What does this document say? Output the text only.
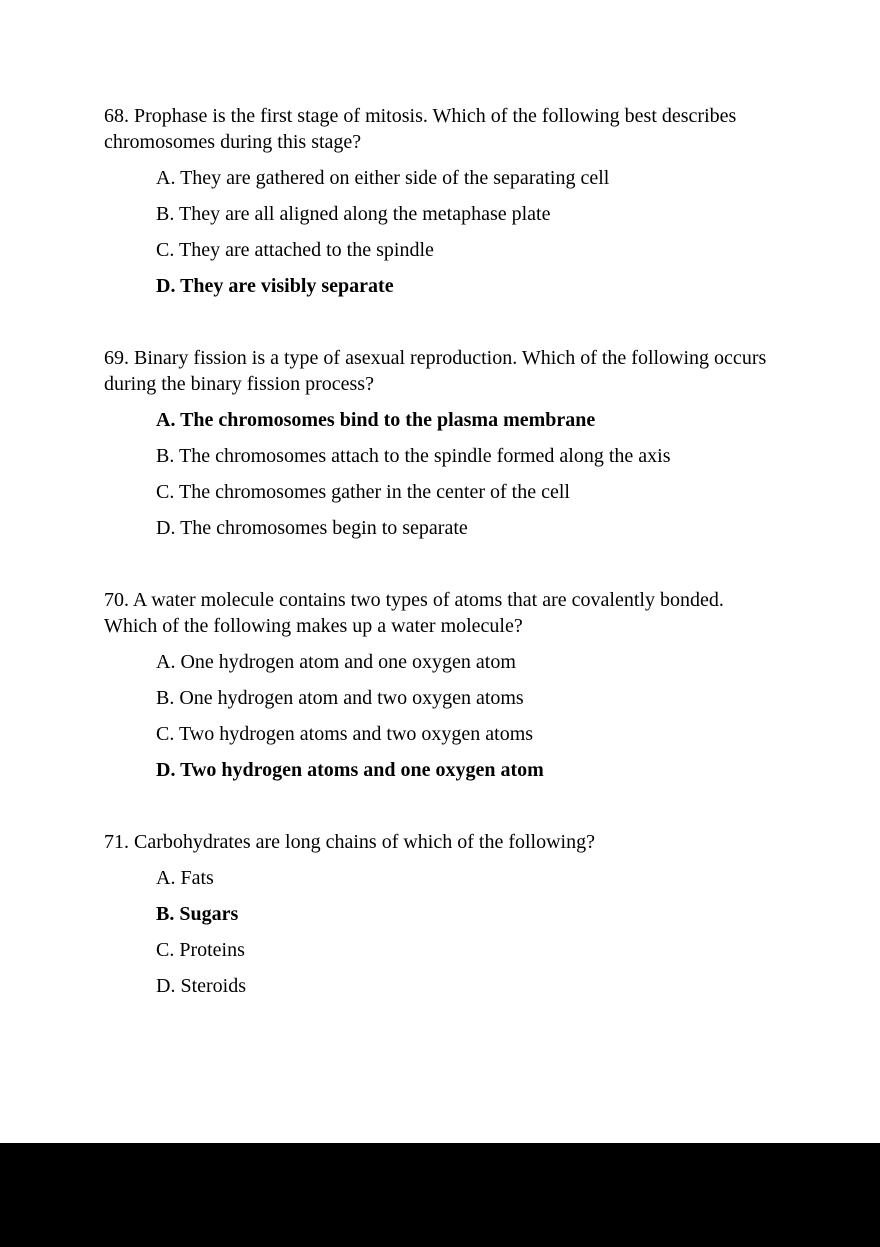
68. Prophase is the first stage of mitosis. Which of the following best describes chromosomes during this stage?
A. They are gathered on either side of the separating cell
B. They are all aligned along the metaphase plate
C. They are attached to the spindle
D. They are visibly separate
69. Binary fission is a type of asexual reproduction. Which of the following occurs during the binary fission process?
A. The chromosomes bind to the plasma membrane
B. The chromosomes attach to the spindle formed along the axis
C. The chromosomes gather in the center of the cell
D. The chromosomes begin to separate
70. A water molecule contains two types of atoms that are covalently bonded. Which of the following makes up a water molecule?
A. One hydrogen atom and one oxygen atom
B. One hydrogen atom and two oxygen atoms
C. Two hydrogen atoms and two oxygen atoms
D. Two hydrogen atoms and one oxygen atom
71. Carbohydrates are long chains of which of the following?
A. Fats
B. Sugars
C. Proteins
D. Steroids
